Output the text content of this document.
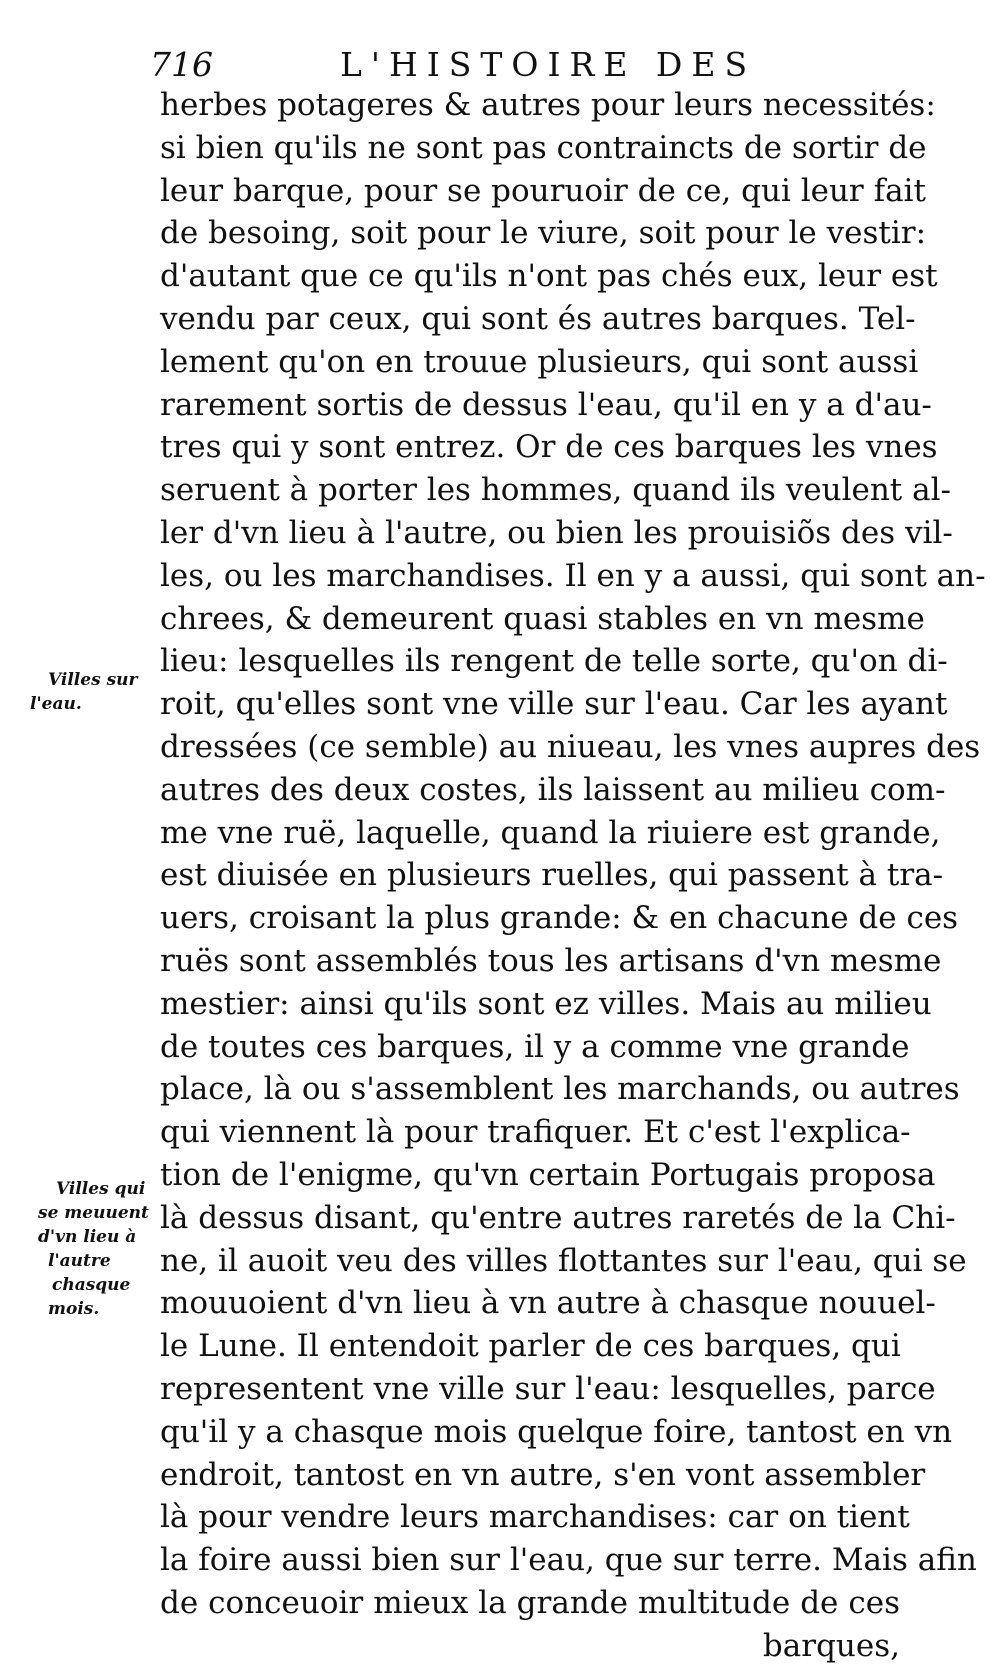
716	L'HISTOIRE DES
herbes potageres & autres pour leurs necessités:
si bien qu'ils ne sont pas contraincts de sortir de
leur barque, pour se pouruoir de ce, qui leur fait
de besoing, soit pour le viure, soit pour le vestir:
d'autant que ce qu'ils n'ont pas chés eux, leur est
vendu par ceux, qui sont és autres barques. Tel-
lement qu'on en trouue plusieurs, qui sont aussi
rarement sortis de dessus l'eau, qu'il en y a d'au-
tres qui y sont entrez. Or de ces barques les vnes
seruent à porter les hommes, quand ils veulent al-
ler d'vn lieu à l'autre, ou bien les prouisiõs des vil-
les, ou les marchandises. Il en y a aussi, qui sont an-
chrees, & demeurent quasi stables en vn mesme
lieu: lesquelles ils rengent de telle sorte, qu'on di-
roit, qu'elles sont vne ville sur l'eau. Car les ayant
dressées (ce semble) au niueau, les vnes aupres des
autres des deux costes, ils laissent au milieu com-
me vne ruë, laquelle, quand la riuiere est grande,
est diuisée en plusieurs ruelles, qui passent à tra-
uers, croisant la plus grande: & en chacune de ces
ruës sont assemblés tous les artisans d'vn mesme
mestier: ainsi qu'ils sont ez villes. Mais au milieu
de toutes ces barques, il y a comme vne grande
place, là ou s'assemblent les marchands, ou autres
qui viennent là pour trafiquer. Et c'est l'explica-
tion de l'enigme, qu'vn certain Portugais proposa
là dessus disant, qu'entre autres raretés de la Chi-
ne, il auoit veu des villes flottantes sur l'eau, qui se
mouuoient d'vn lieu à vn autre à chasque nouuel-
le Lune. Il entendoit parler de ces barques, qui
representent vne ville sur l'eau: lesquelles, parce
qu'il y a chasque mois quelque foire, tantost en vn
endroit, tantost en vn autre, s'en vont assembler
là pour vendre leurs marchandises: car on tient
la foire aussi bien sur l'eau, que sur terre. Mais afin
de conceuoir mieux la grande multitude de ces
barques,
Villes sur
l'eau.
Villes qui
se meuuent
d'vn lieu à
l'autre
chasque
mois.
